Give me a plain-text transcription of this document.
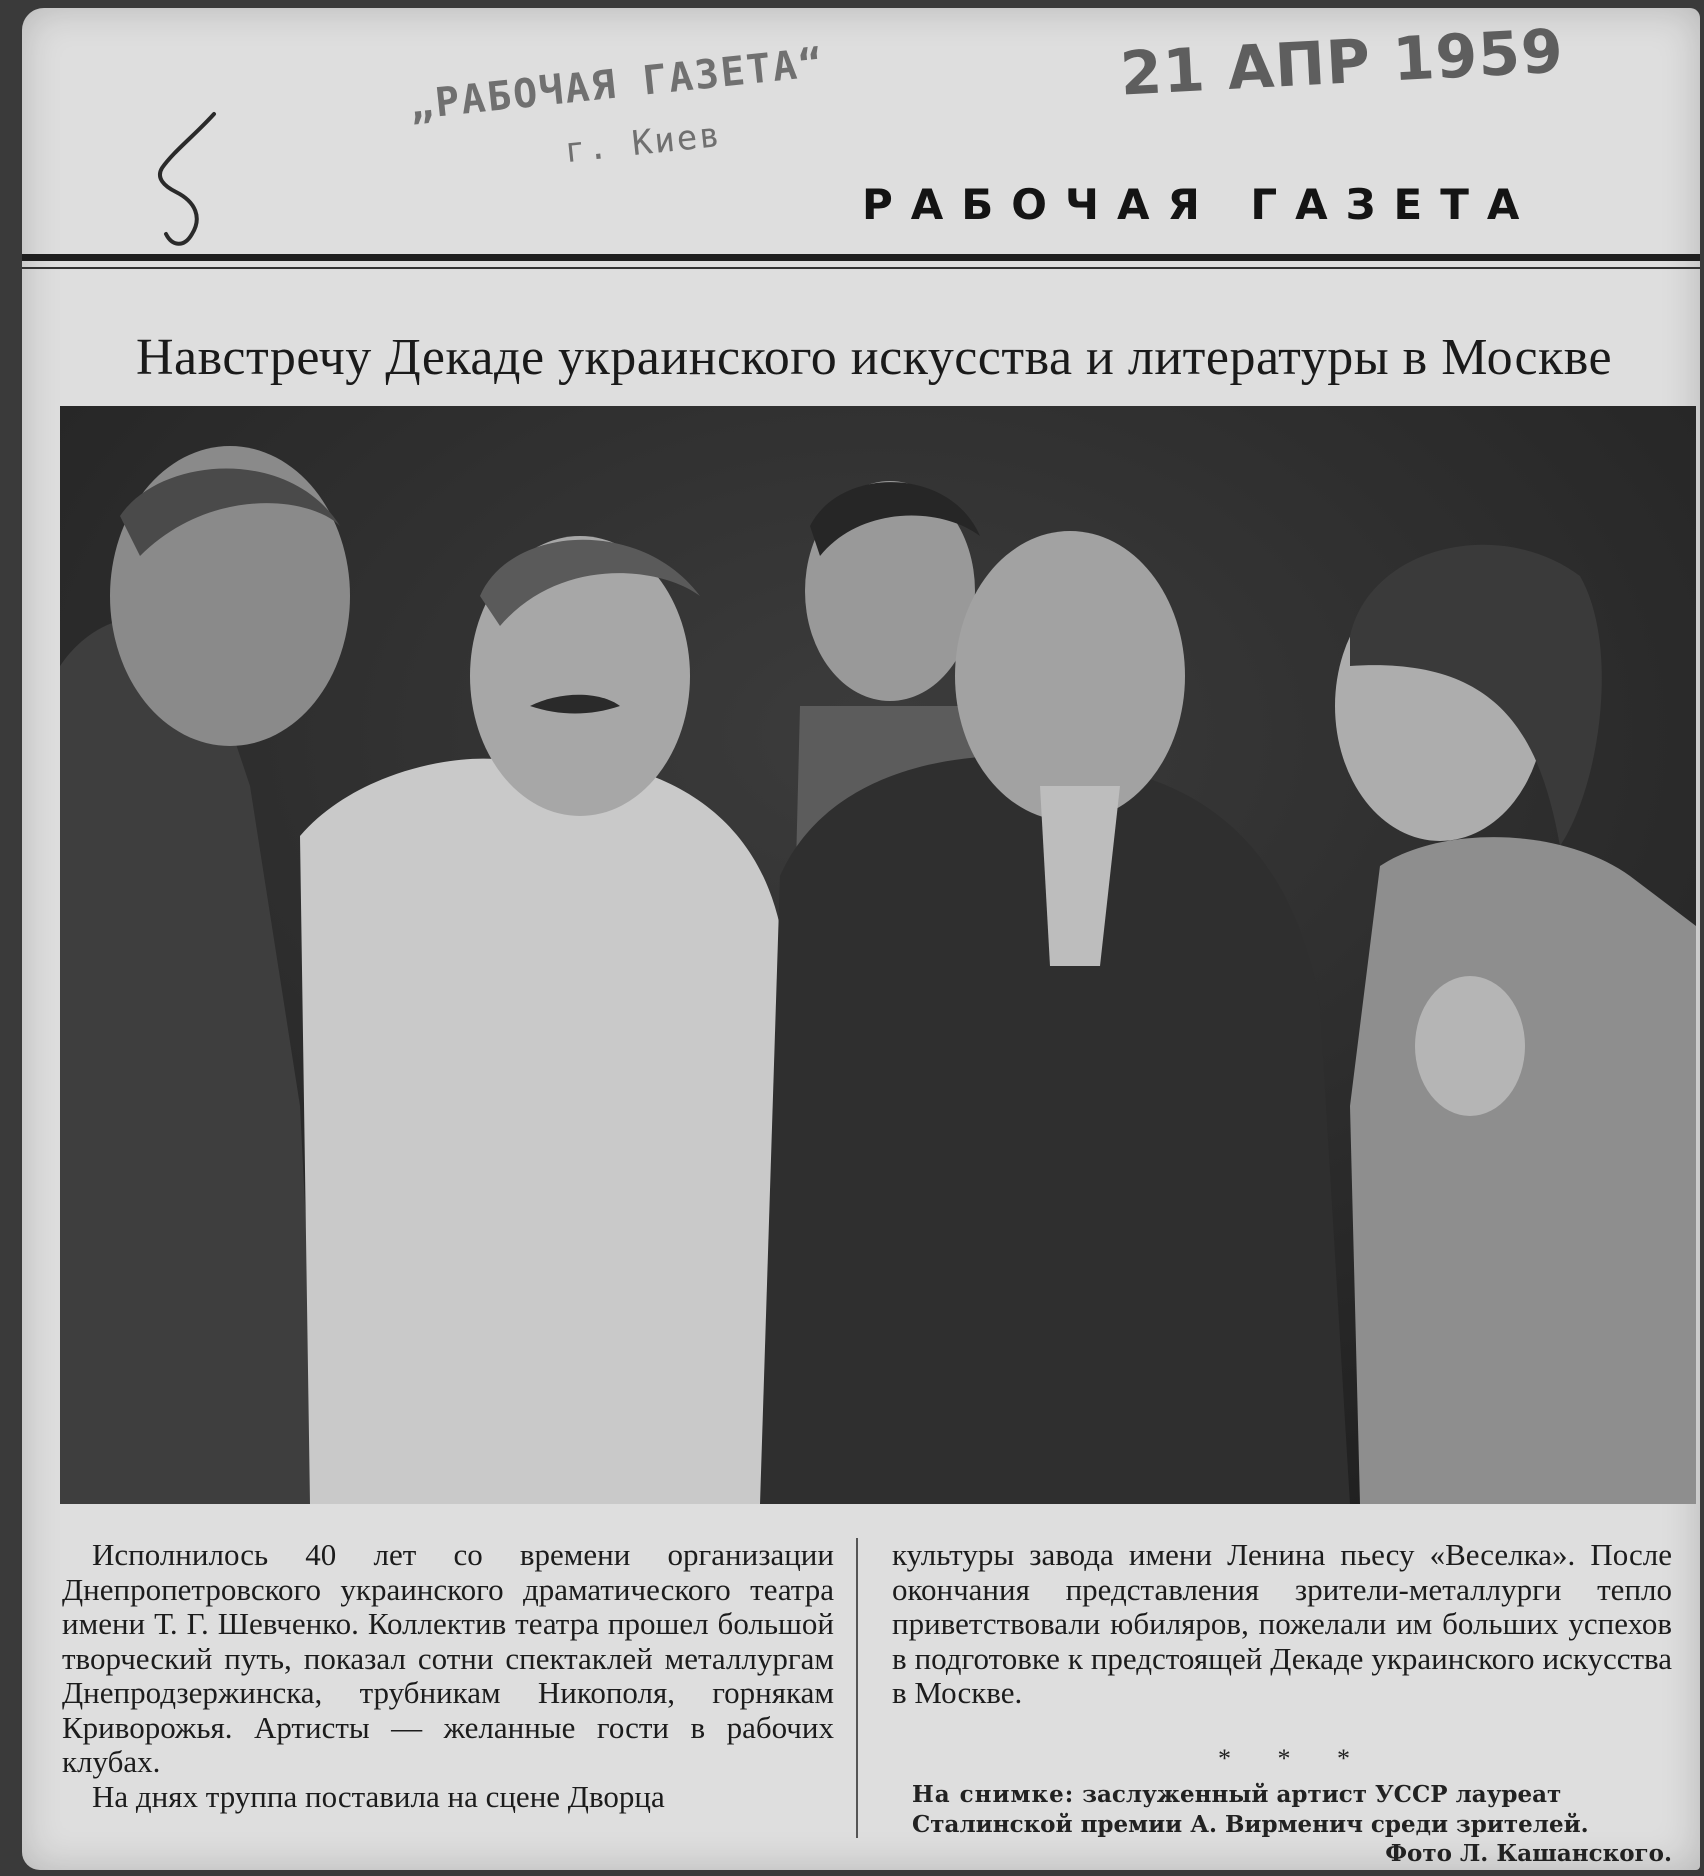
„РАБОЧАЯ ГАЗЕТА“
г. Киев
21 АПР 1959
РАБОЧАЯ ГАЗЕТА
Навстречу Декаде украинского искусства и литературы в Москве

Исполнилось 40 лет со времени организации Днепропетровского украинского драматического театра имени Т. Г. Шевченко. Коллектив театра прошел большой творческий путь, показал сотни спектаклей металлургам Днепродзержинска, трубникам Никополя, горнякам Криворожья. Артисты — желанные гости в рабочих клубах.

На днях труппа поставила на сцене Дворца

культуры завода имени Ленина пьесу «Веселка». После окончания представления зрители-металлурги тепло приветствовали юбиляров, пожелали им больших успехов в подготовке к предстоящей Декаде украинского искусства в Москве.

* * *
На снимке: заслуженный артист УССР лауреат Сталинской премии А. Вирменич среди зрителей.
Фото Л. Кашанского.
